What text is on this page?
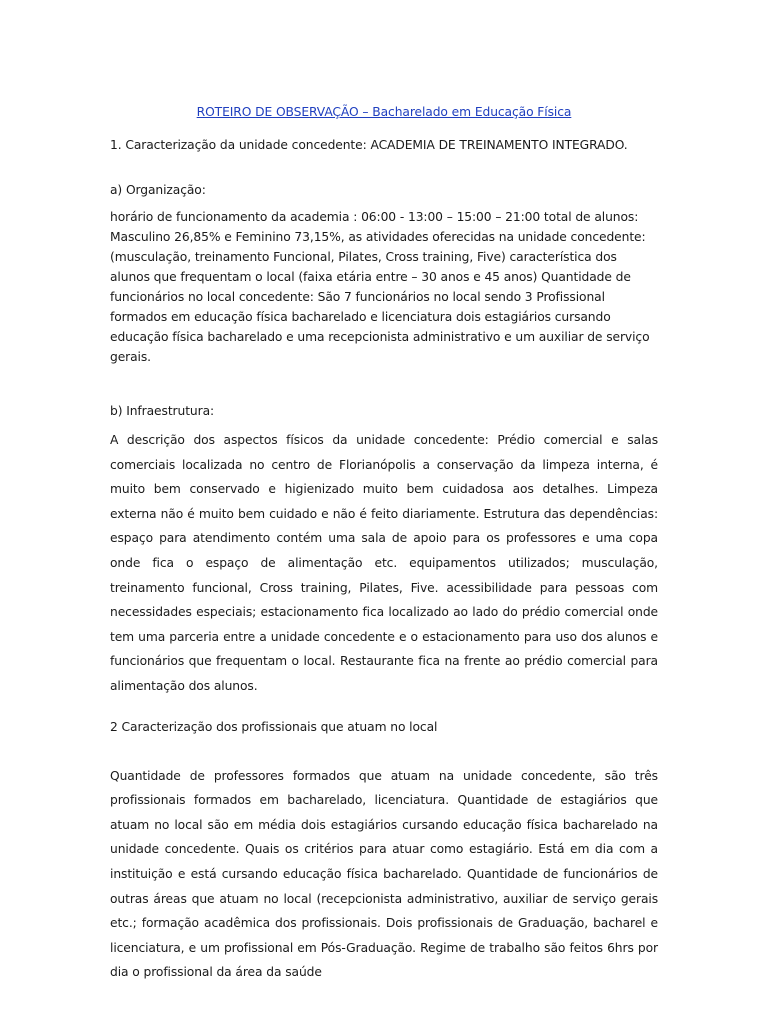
ROTEIRO DE OBSERVAÇÃO – Bacharelado em Educação Física

1. Caracterização da unidade concedente: ACADEMIA DE TREINAMENTO INTEGRADO.

a) Organização:

horário de funcionamento da academia : 06:00 - 13:00 – 15:00 – 21:00 total de alunos: Masculino 26,85% e Feminino 73,15%, as atividades oferecidas na unidade concedente: (musculação, treinamento Funcional, Pilates, Cross training, Five) característica dos alunos que frequentam o local (faixa etária entre – 30 anos e 45 anos) Quantidade de funcionários no local concedente: São 7 funcionários no local sendo 3 Profissional formados em educação física bacharelado e licenciatura dois estagiários cursando educação física bacharelado e uma recepcionista administrativo e um auxiliar de serviço gerais.

b) Infraestrutura:

A descrição dos aspectos físicos da unidade concedente: Prédio comercial e salas comerciais localizada no centro de Florianópolis a conservação da limpeza interna, é muito bem conservado e higienizado muito bem cuidadosa aos detalhes. Limpeza externa não é muito bem cuidado e não é feito diariamente. Estrutura das dependências: espaço para atendimento contém uma sala de apoio para os professores e uma copa onde fica o espaço de alimentação etc. equipamentos utilizados; musculação, treinamento funcional, Cross training, Pilates, Five. acessibilidade para pessoas com necessidades especiais; estacionamento fica localizado ao lado do prédio comercial onde tem uma parceria entre a unidade concedente e o estacionamento para uso dos alunos e funcionários que frequentam o local. Restaurante fica na frente ao prédio comercial para alimentação dos alunos.

2 Caracterização dos profissionais que atuam no local

Quantidade de professores formados que atuam na unidade concedente, são três profissionais formados em bacharelado, licenciatura. Quantidade de estagiários que atuam no local são em média dois estagiários cursando educação física bacharelado na unidade concedente. Quais os critérios para atuar como estagiário. Está em dia com a instituição e está cursando educação física bacharelado. Quantidade de funcionários de outras áreas que atuam no local (recepcionista administrativo, auxiliar de serviço gerais etc.; formação acadêmica dos profissionais. Dois profissionais de Graduação, bacharel e licenciatura, e um profissional em Pós-Graduação. Regime de trabalho são feitos 6hrs por dia o profissional da área da saúde
